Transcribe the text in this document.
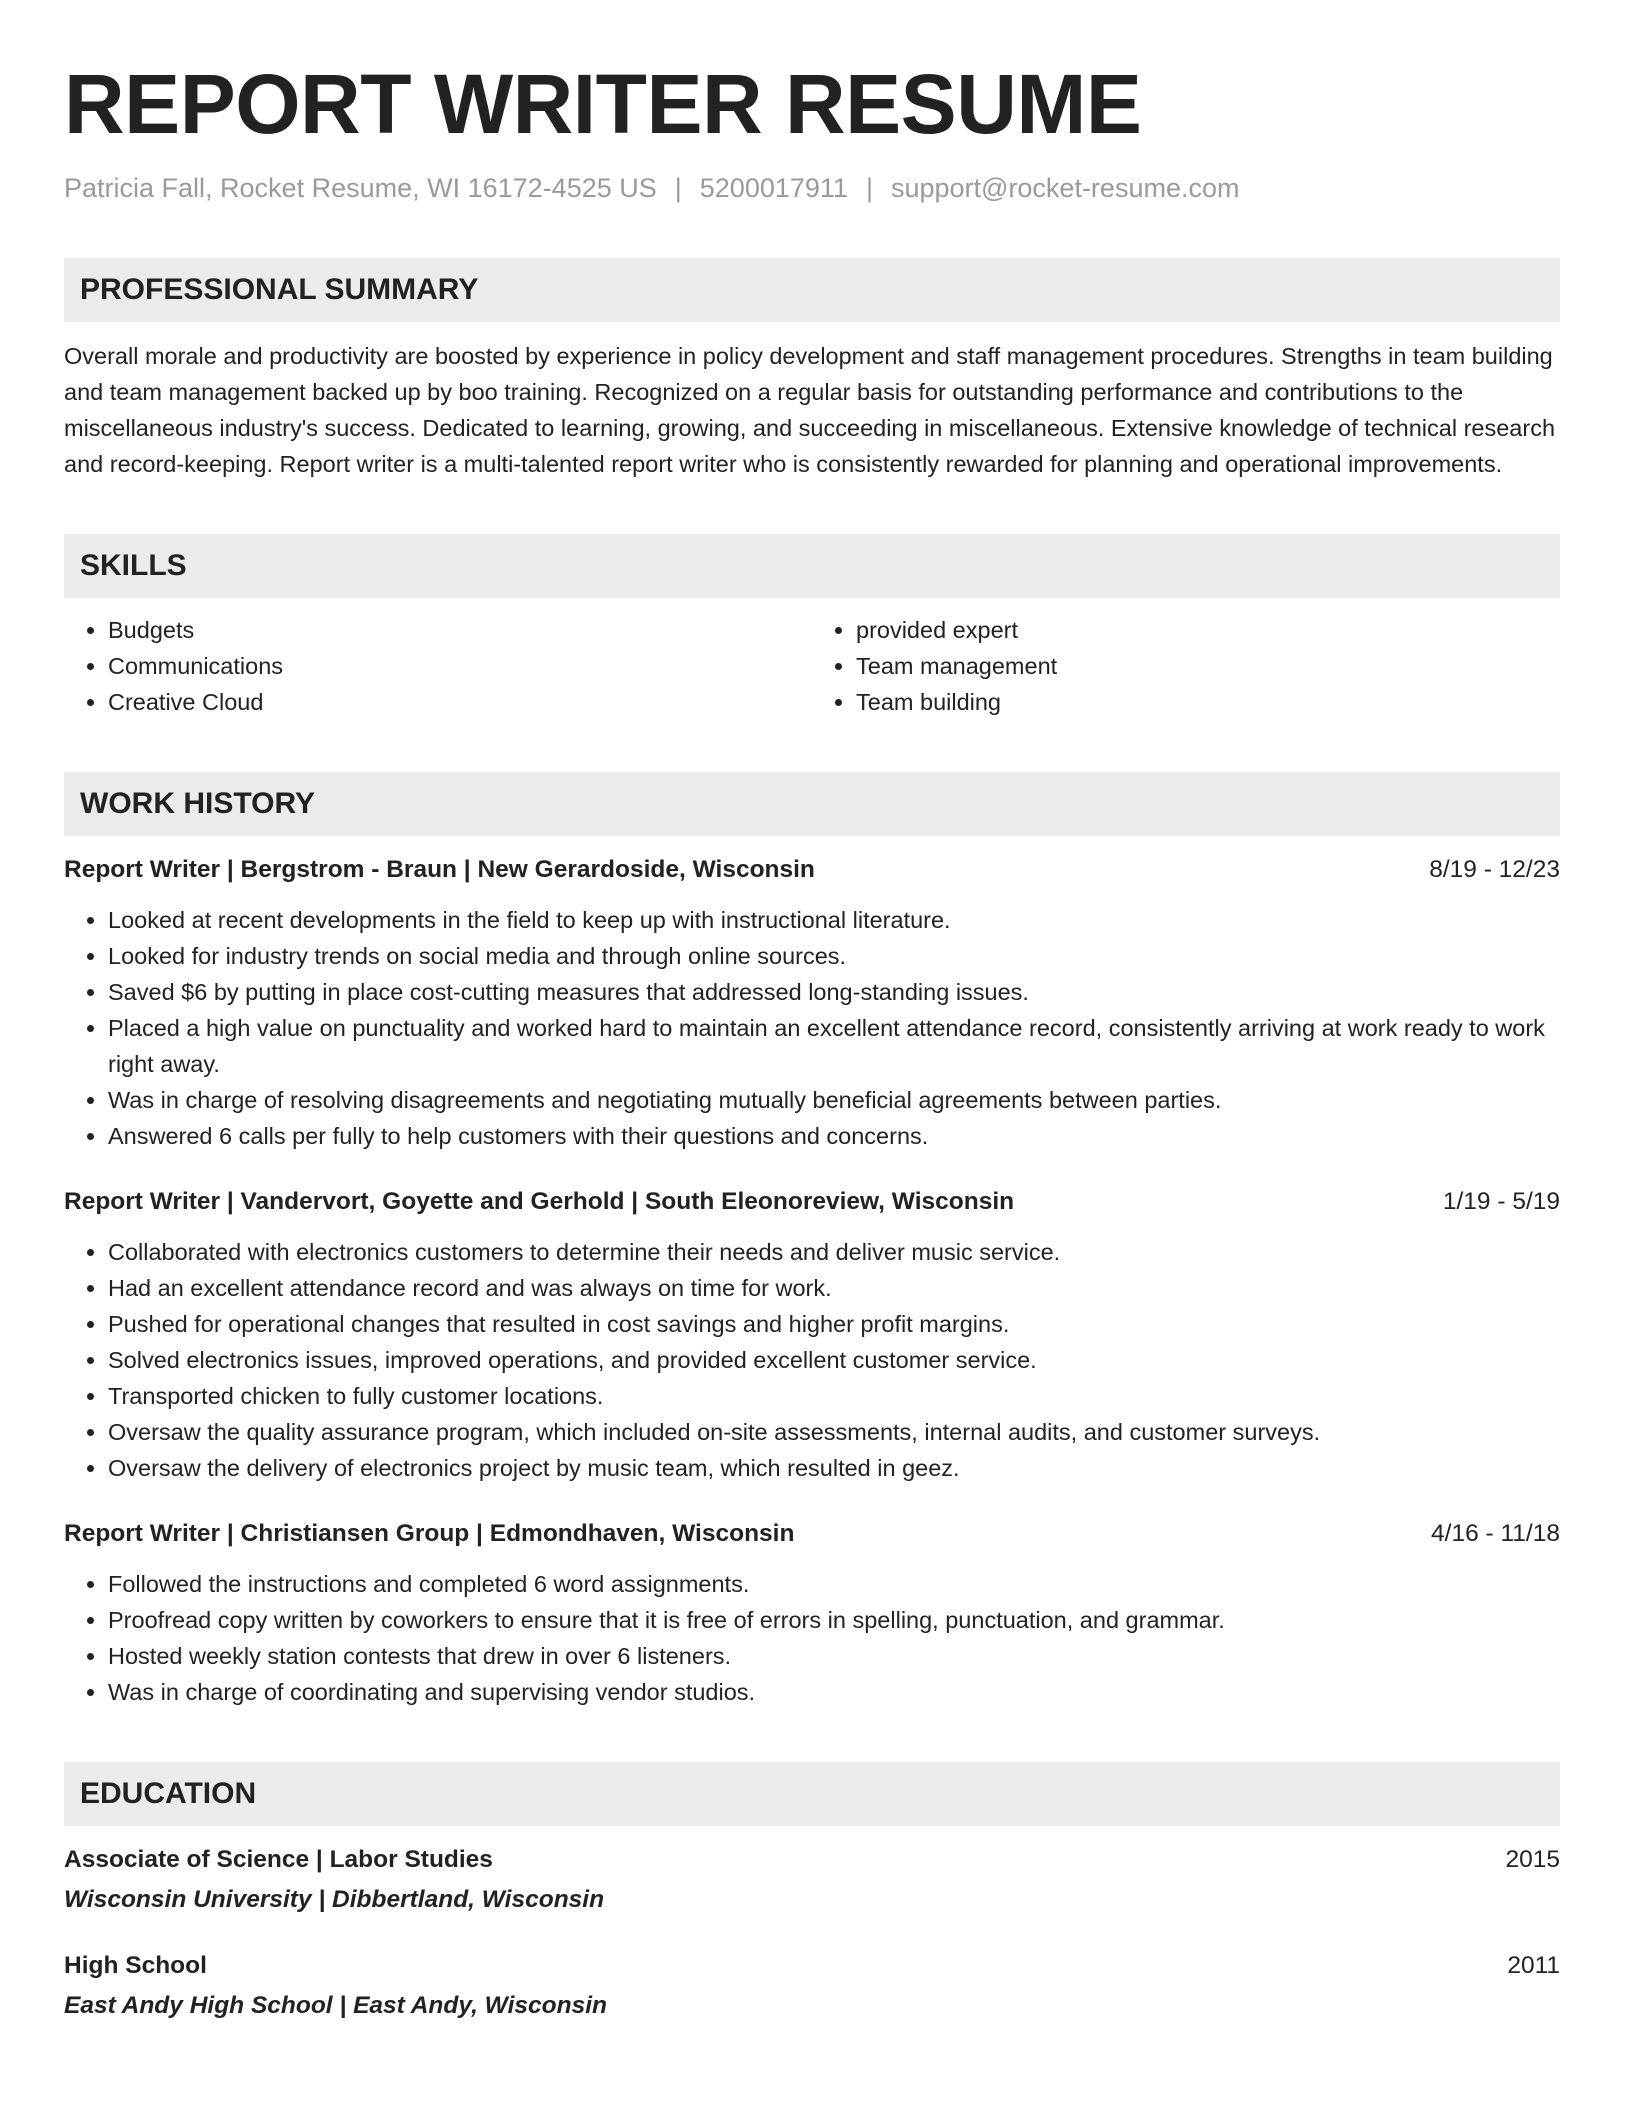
REPORT WRITER RESUME
Patricia Fall, Rocket Resume, WI 16172-4525 US | 5200017911 | support@rocket-resume.com
PROFESSIONAL SUMMARY
Overall morale and productivity are boosted by experience in policy development and staff management procedures. Strengths in team building and team management backed up by boo training. Recognized on a regular basis for outstanding performance and contributions to the miscellaneous industry's success. Dedicated to learning, growing, and succeeding in miscellaneous. Extensive knowledge of technical research and record-keeping. Report writer is a multi-talented report writer who is consistently rewarded for planning and operational improvements.
SKILLS
• Budgets
• Communications
• Creative Cloud
• provided expert
• Team management
• Team building
WORK HISTORY
Report Writer | Bergstrom - Braun | New Gerardoside, Wisconsin	8/19 - 12/23
• Looked at recent developments in the field to keep up with instructional literature.
• Looked for industry trends on social media and through online sources.
• Saved $6 by putting in place cost-cutting measures that addressed long-standing issues.
• Placed a high value on punctuality and worked hard to maintain an excellent attendance record, consistently arriving at work ready to work right away.
• Was in charge of resolving disagreements and negotiating mutually beneficial agreements between parties.
• Answered 6 calls per fully to help customers with their questions and concerns.
Report Writer | Vandervort, Goyette and Gerhold | South Eleonoreview, Wisconsin	1/19 - 5/19
• Collaborated with electronics customers to determine their needs and deliver music service.
• Had an excellent attendance record and was always on time for work.
• Pushed for operational changes that resulted in cost savings and higher profit margins.
• Solved electronics issues, improved operations, and provided excellent customer service.
• Transported chicken to fully customer locations.
• Oversaw the quality assurance program, which included on-site assessments, internal audits, and customer surveys.
• Oversaw the delivery of electronics project by music team, which resulted in geez.
Report Writer | Christiansen Group | Edmondhaven, Wisconsin	4/16 - 11/18
• Followed the instructions and completed 6 word assignments.
• Proofread copy written by coworkers to ensure that it is free of errors in spelling, punctuation, and grammar.
• Hosted weekly station contests that drew in over 6 listeners.
• Was in charge of coordinating and supervising vendor studios.
EDUCATION
Associate of Science | Labor Studies	2015
Wisconsin University | Dibbertland, Wisconsin
High School	2011
East Andy High School | East Andy, Wisconsin
